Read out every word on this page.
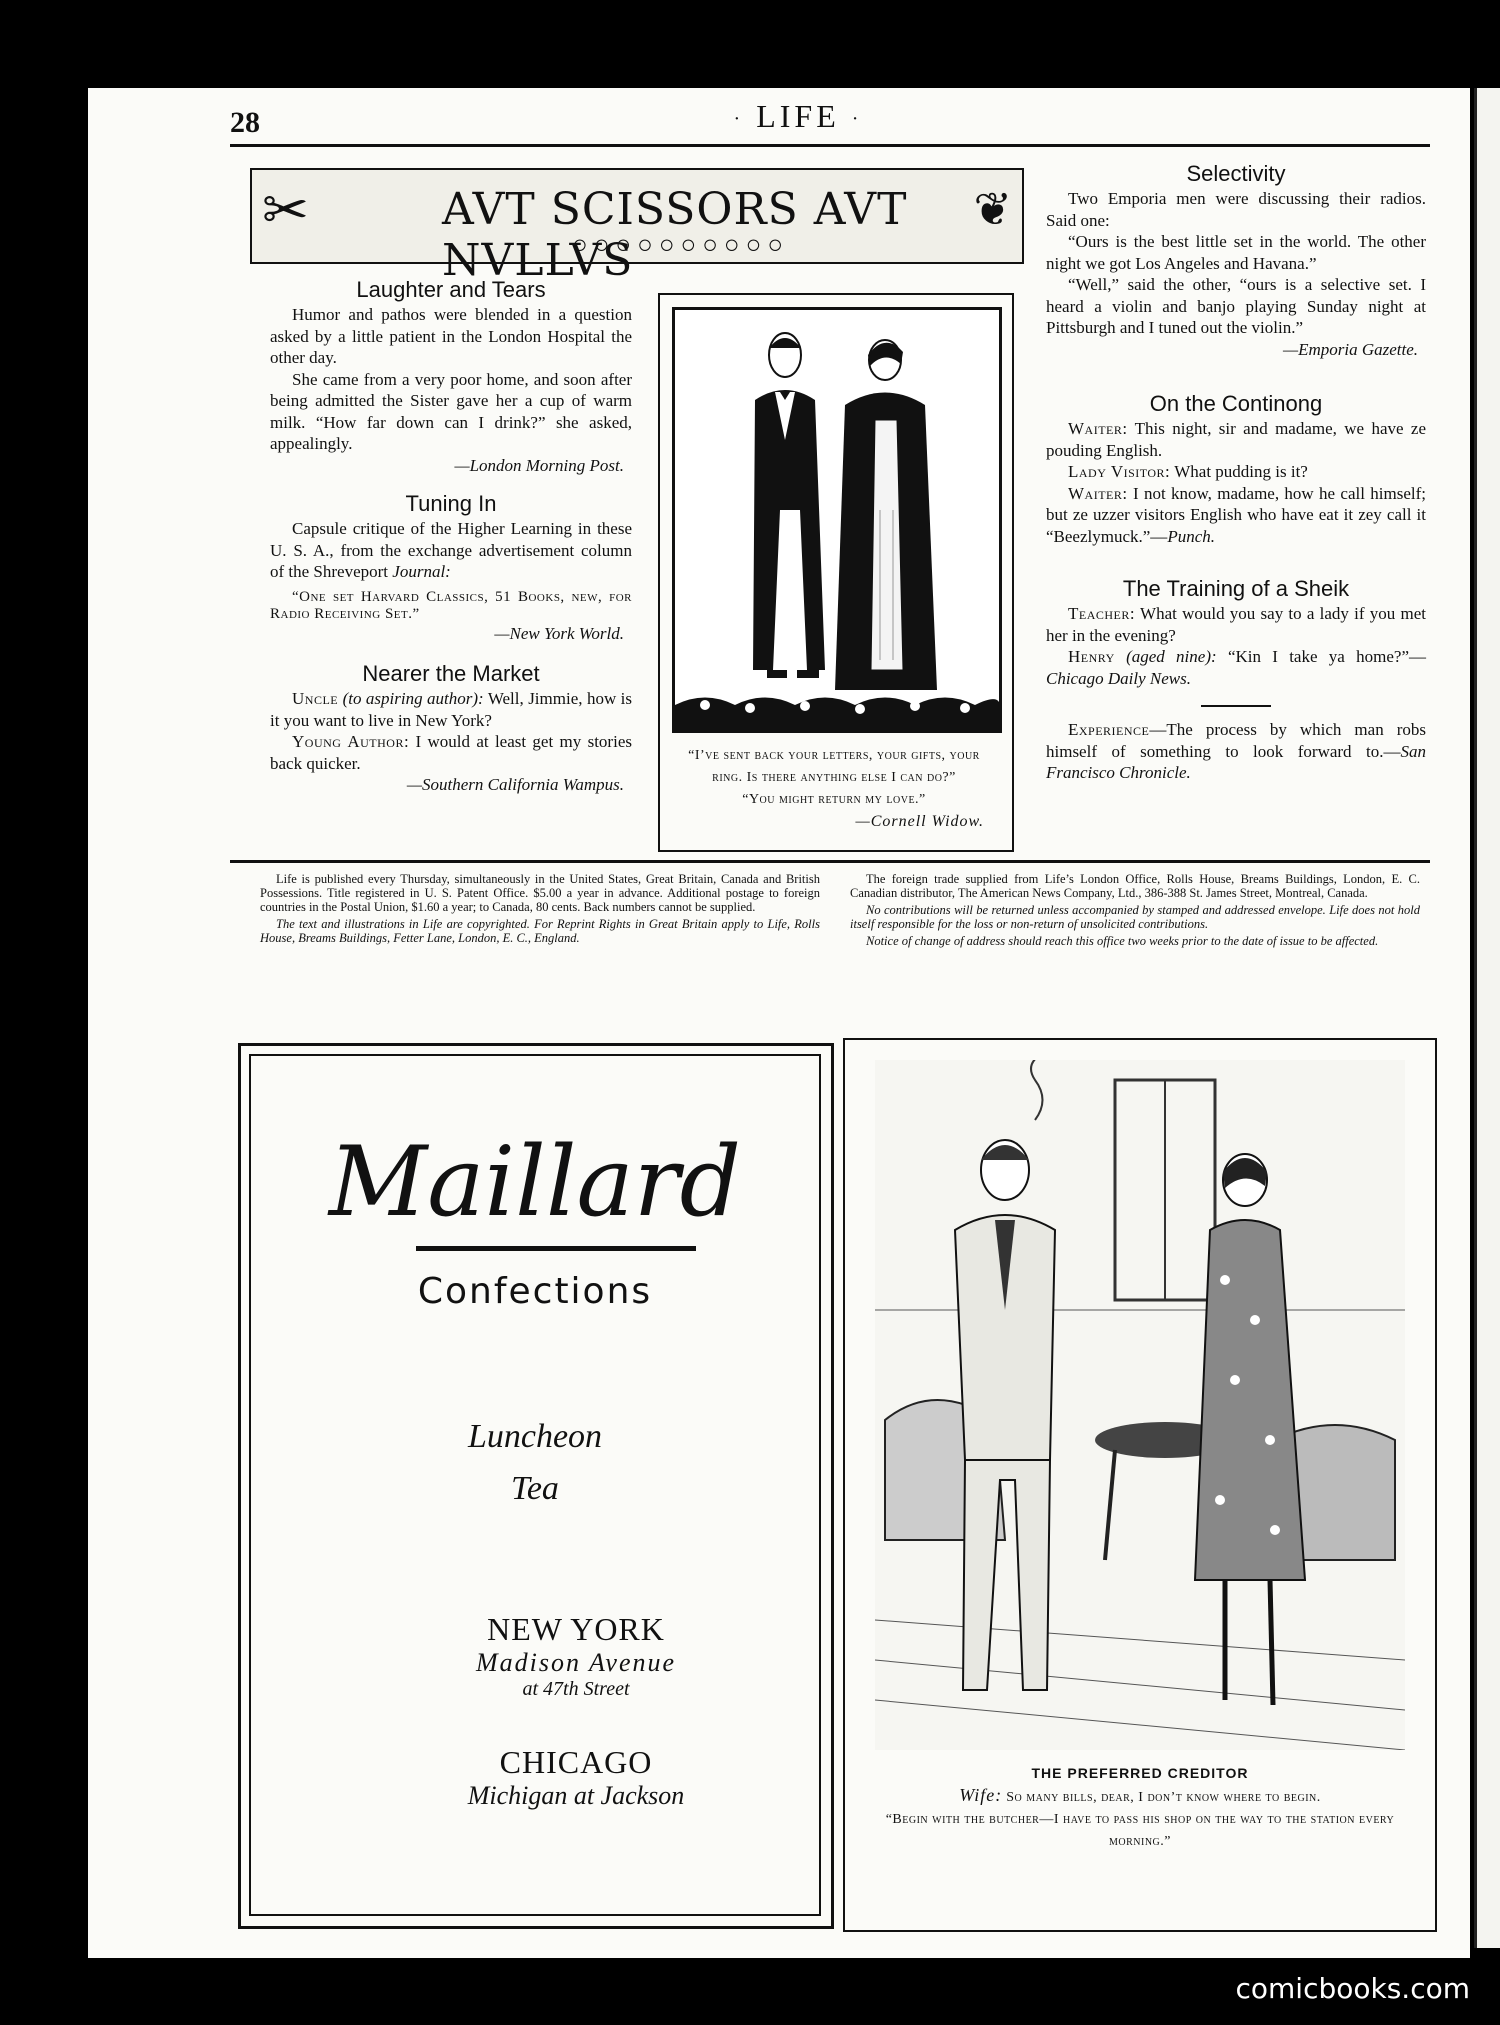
28	· LIFE ·
✂	AVT SCISSORS AVT NVLLVS
○○○○○○○○○○
❦
Laughter and Tears

Humor and pathos were blended in a question asked by a little patient in the London Hospital the other day.

She came from a very poor home, and soon after being admitted the Sister gave her a cup of warm milk. “How far down can I drink?” she asked, appealingly.

—London Morning Post.
Tuning In

Capsule critique of the Higher Learning in these U. S. A., from the exchange advertisement column of the Shreveport Journal:

“One set Harvard Classics, 51 Books, new, for Radio Receiving Set.”

—New York World.
Nearer the Market

Uncle (to aspiring author): Well, Jimmie, how is it you want to live in New York?

Young Author: I would at least get my stories back quicker.

—Southern California Wampus.
“I’ve sent back your letters, your gifts, your ring. Is there anything else I can do?”
“You might return my love.”
—Cornell Widow.
Selectivity

Two Emporia men were discussing their radios. Said one:

“Ours is the best little set in the world. The other night we got Los Angeles and Havana.”

“Well,” said the other, “ours is a selective set. I heard a violin and banjo playing Sunday night at Pittsburgh and I tuned out the violin.”

—Emporia Gazette.
On the Continong

Waiter: This night, sir and madame, we have ze pouding English.

Lady Visitor: What pudding is it?

Waiter: I not know, madame, how he call himself; but ze uzzer visitors English who have eat it zey call it “Beezlymuck.”—Punch.

The Training of a Sheik

Teacher: What would you say to a lady if you met her in the evening?

Henry (aged nine): “Kin I take ya home?”—Chicago Daily News.

Experience—The process by which man robs himself of something to look forward to.—San Francisco Chronicle.

Life is published every Thursday, simultaneously in the United States, Great Britain, Canada and British Possessions. Title registered in U. S. Patent Office. $5.00 a year in advance. Additional postage to foreign countries in the Postal Union, $1.60 a year; to Canada, 80 cents. Back numbers cannot be supplied.

The text and illustrations in Life are copyrighted. For Reprint Rights in Great Britain apply to Life, Rolls House, Breams Buildings, Fetter Lane, London, E. C., England.

The foreign trade supplied from Life’s London Office, Rolls House, Breams Buildings, London, E. C. Canadian distributor, The American News Company, Ltd., 386-388 St. James Street, Montreal, Canada.

No contributions will be returned unless accompanied by stamped and addressed envelope. Life does not hold itself responsible for the loss or non-return of unsolicited contributions.

Notice of change of address should reach this office two weeks prior to the date of issue to be affected.

Maillard
Confections
Luncheon
Tea
NEW YORK
Madison Avenue
at 47th Street
CHICAGO
Michigan at Jackson
THE PREFERRED CREDITOR
Wife: So many bills, dear, I don’t know where to begin.
“Begin with the butcher—I have to pass his shop on the way to the station every morning.”
comicbooks.com
